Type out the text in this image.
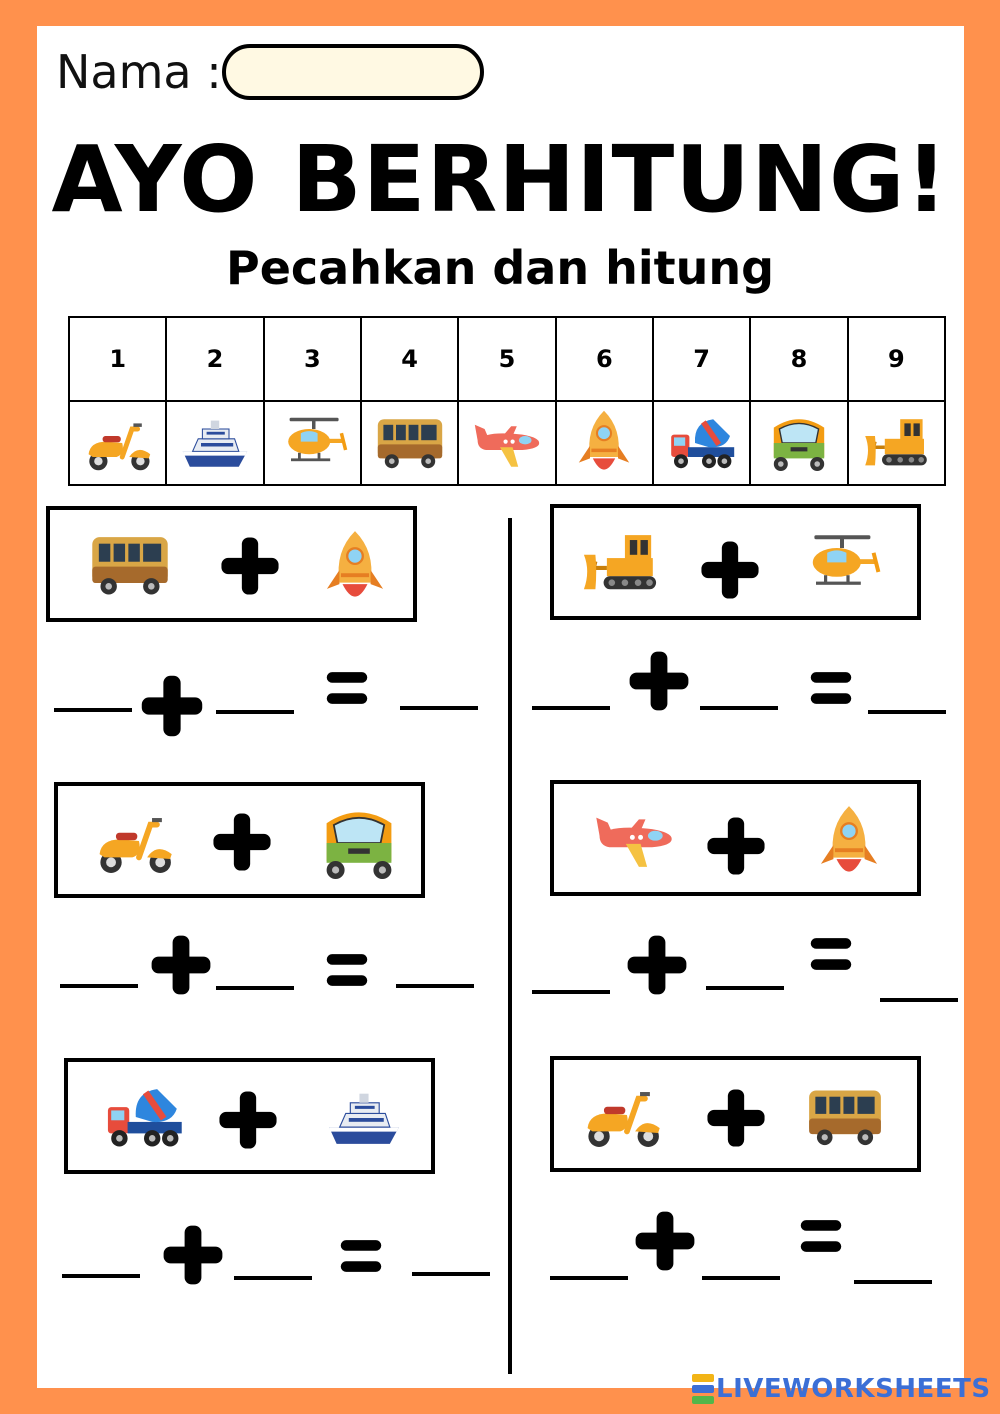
Nama :
AYO BERHITUNG!
Pecahkan dan hitung
1	2	3	4	5	6	7	8	9

LIVEWORKSHEETS
